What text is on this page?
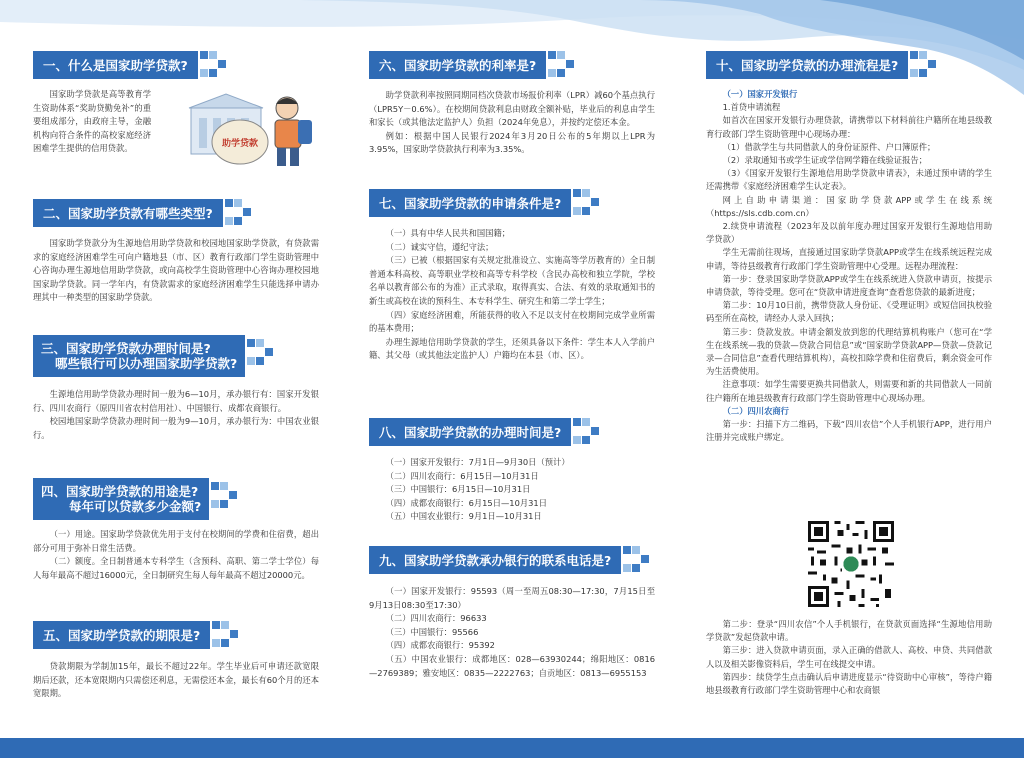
一、什么是国家助学贷款?

国家助学贷款是高等教育学生资助体系“奖助贷勤免补”的重要组成部分，由政府主导，金融机构向符合条件的高校家庭经济困难学生提供的信用贷款。	助学贷款
二、国家助学贷款有哪些类型?

国家助学贷款分为生源地信用助学贷款和校园地国家助学贷款，有贷款需求的家庭经济困难学生可向户籍地县（市、区）教育行政部门学生资助管理中心咨询办理生源地信用助学贷款，或向高校学生资助管理中心咨询办理校园地国家助学贷款。同一学年内，有贷款需求的家庭经济困难学生只能选择申请办理其中一种类型的国家助学贷款。

三、国家助学贷款办理时间是?
哪些银行可以办理国家助学贷款?

生源地信用助学贷款办理时间一般为6—10月，承办银行有：国家开发银行、四川农商行（原四川省农村信用社）、中国银行、成都农商银行。

校园地国家助学贷款办理时间一般为9—10月，承办银行为：中国农业银行。

四、国家助学贷款的用途是?
每年可以贷款多少金额?

（一）用途。国家助学贷款优先用于支付在校期间的学费和住宿费，超出部分可用于弥补日常生活费。

（二）额度。全日制普通本专科学生（含预科、高职、第二学士学位）每人每年最高不超过16000元，全日制研究生每人每年最高不超过20000元。

五、国家助学贷款的期限是?

贷款期限为学制加15年，最长不超过22年。学生毕业后可申请还款宽限期后还款，还本宽限期内只需偿还利息，无需偿还本金，最长有60个月的还本宽限期。

六、国家助学贷款的利率是?

助学贷款利率按照同期同档次贷款市场报价利率（LPR）减60个基点执行（LPR5Y－0.6%）。在校期间贷款利息由财政全额补贴，毕业后的利息由学生和家长（或其他法定监护人）负担（2024年免息），并按约定偿还本金。

例如：根据中国人民银行2024年3月20日公布的5年期以上LPR为3.95%，国家助学贷款执行利率为3.35%。

七、国家助学贷款的申请条件是?

（一）具有中华人民共和国国籍；

（二）诚实守信，遵纪守法；

（三）已被（根据国家有关规定批准设立、实施高等学历教育的）全日制普通本科高校、高等职业学校和高等专科学校（含民办高校和独立学院，学校名单以教育部公布的为准）正式录取，取得真实、合法、有效的录取通知书的新生或高校在读的预科生、本专科学生、研究生和第二学士学生；

（四）家庭经济困难，所能获得的收入不足以支付在校期间完成学业所需的基本费用；

办理生源地信用助学贷款的学生，还须具备以下条件：学生本人入学前户籍、其父母（或其他法定监护人）户籍均在本县（市、区）。

八、国家助学贷款的办理时间是?

（一）国家开发银行：7月1日—9月30日（预计）

（二）四川农商行：6月15日—10月31日

（三）中国银行：6月15日—10月31日

（四）成都农商银行：6月15日—10月31日

（五）中国农业银行：9月1日—10月31日

九、国家助学贷款承办银行的联系电话是?

（一）国家开发银行：95593（周一至周五08:30—17:30，7月15日至9月13日08:30至17:30）

（二）四川农商行：96633

（三）中国银行：95566

（四）成都农商银行：95392

（五）中国农业银行：成都地区：028—63930244；绵阳地区：0816—2769389；雅安地区：0835—2222763；自贡地区：0813—6955153

十、国家助学贷款的办理流程是?

（一）国家开发银行

1.首贷申请流程

如首次在国家开发银行办理贷款，请携带以下材料前往户籍所在地县级教育行政部门学生资助管理中心现场办理：

（1）借款学生与共同借款人的身份证原件、户口簿原件；

（2）录取通知书或学生证或学信网学籍在线验证报告；

（3）《国家开发银行生源地信用助学贷款申请表》，未通过预申请的学生还需携带《家庭经济困难学生认定表》。

网上自助申请渠道：国家助学贷款APP或学生在线系统（https://sls.cdb.com.cn）

2.续贷申请流程（2023年及以前年度办理过国家开发银行生源地信用助学贷款）

学生无需前往现场，直接通过国家助学贷款APP或学生在线系统远程完成申请，等待县级教育行政部门学生资助管理中心受理。远程办理流程：

第一步：登录国家助学贷款APP或学生在线系统进入贷款申请页，按提示申请贷款，等待受理。您可在“贷款申请进度查询”查看您贷款的最新进度；

第二步：10月10日前，携带贷款人身份证、《受理证明》或短信回执校验码至所在高校，请经办人录入回执；

第三步：贷款发放。申请金额发放到您的代理结算机构账户（您可在“学生在线系统—我的贷款—贷款合同信息”或“国家助学贷款APP—贷款—贷款记录—合同信息”查看代理结算机构），高校扣除学费和住宿费后，剩余资金可作为生活费使用。

注意事项：如学生需要更换共同借款人，则需要和新的共同借款人一同前往户籍所在地县级教育行政部门学生资助管理中心现场办理。

（二）四川农商行

第一步：扫描下方二维码，下载“四川农信”个人手机银行APP，进行用户注册并完成账户绑定。

第二步：登录“四川农信”个人手机银行，在贷款页面选择“生源地信用助学贷款”发起贷款申请。

第三步：进入贷款申请页面，录入正确的借款人、高校、申贷、共同借款人以及相关影像资料后，学生可在线提交申请。

第四步：续贷学生点击确认后申请进度显示“待资助中心审核”，等待户籍地县级教育行政部门学生资助管理中心和农商银
